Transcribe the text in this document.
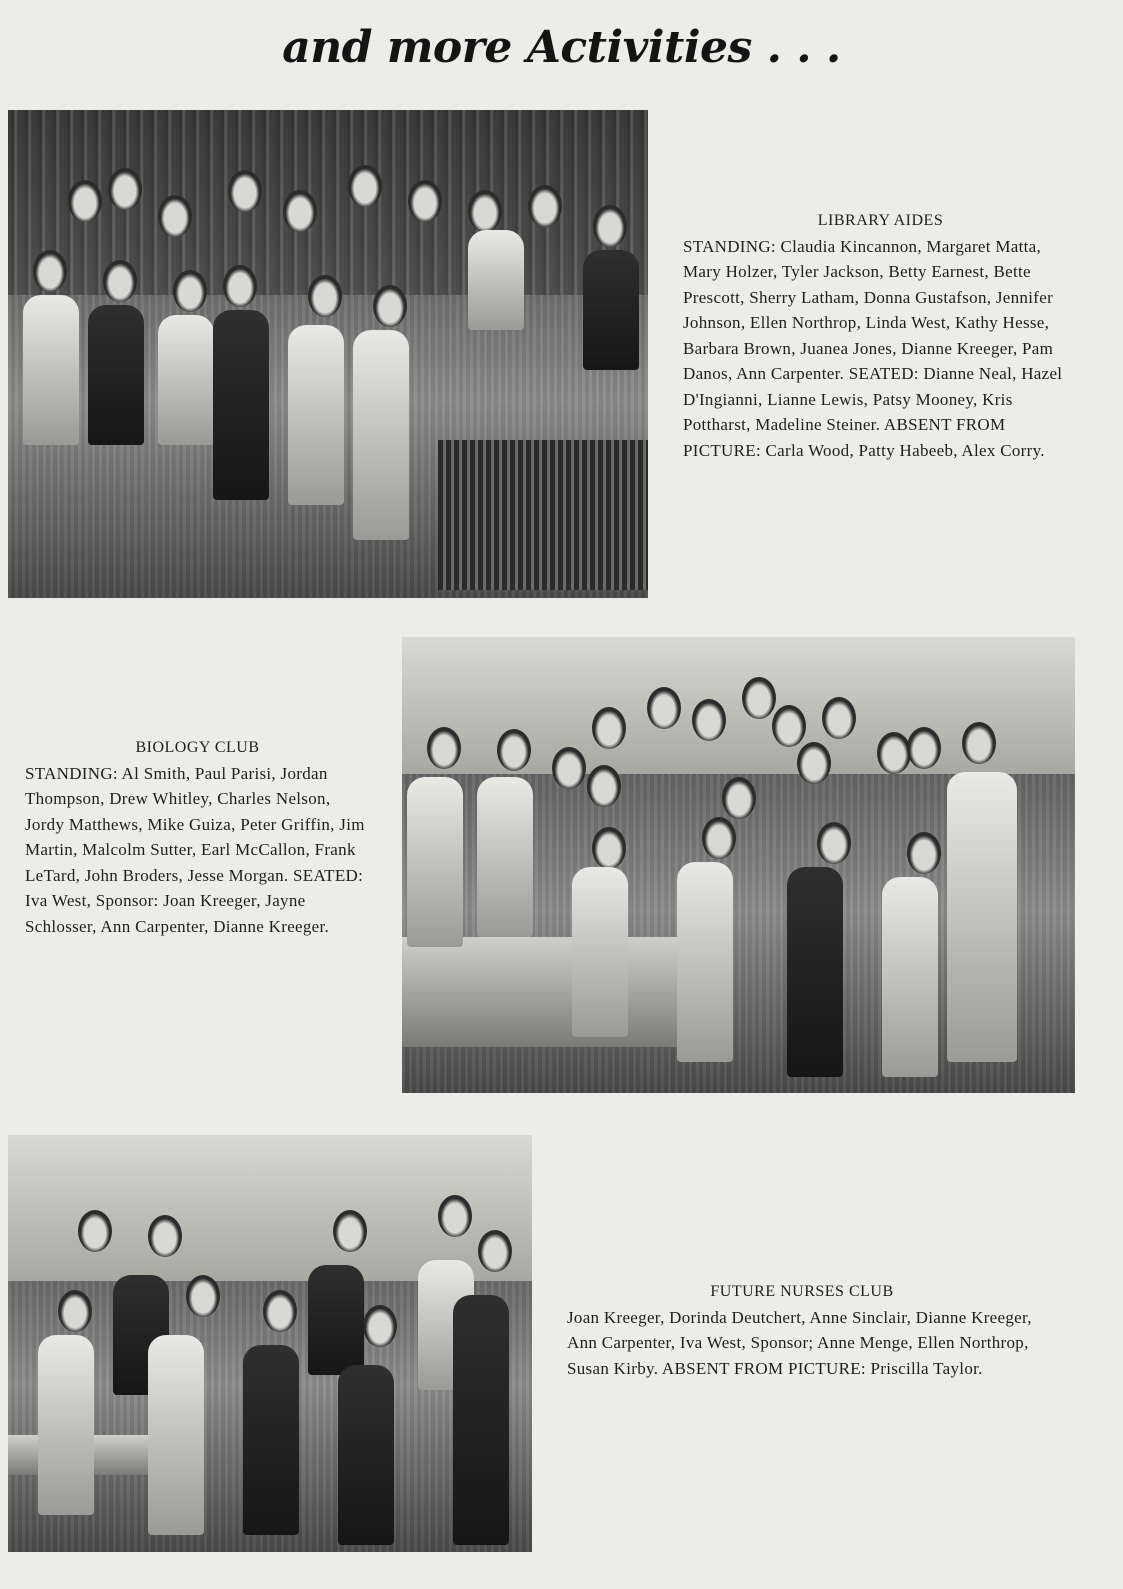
and more Activities . . .
LIBRARY AIDES
STANDING: Claudia Kincannon, Margaret Matta, Mary Holzer, Tyler Jackson, Betty Earnest, Bette Prescott, Sherry Latham, Donna Gustafson, Jennifer Johnson, Ellen Northrop, Linda West, Kathy Hesse, Barbara Brown, Juanea Jones, Dianne Kreeger, Pam Danos, Ann Carpenter. SEATED: Dianne Neal, Hazel D'Ingianni, Lianne Lewis, Patsy Mooney, Kris Pottharst, Madeline Steiner. ABSENT FROM PICTURE: Carla Wood, Patty Habeeb, Alex Corry.
BIOLOGY CLUB
STANDING: Al Smith, Paul Parisi, Jordan Thompson, Drew Whitley, Charles Nelson, Jordy Matthews, Mike Guiza, Peter Griffin, Jim Martin, Malcolm Sutter, Earl McCallon, Frank LeTard, John Broders, Jesse Morgan. SEATED: Iva West, Sponsor: Joan Kreeger, Jayne Schlosser, Ann Carpenter, Dianne Kreeger.
FUTURE NURSES CLUB
Joan Kreeger, Dorinda Deutchert, Anne Sinclair, Dianne Kreeger, Ann Carpenter, Iva West, Sponsor; Anne Menge, Ellen Northrop, Susan Kirby. ABSENT FROM PICTURE: Priscilla Taylor.
